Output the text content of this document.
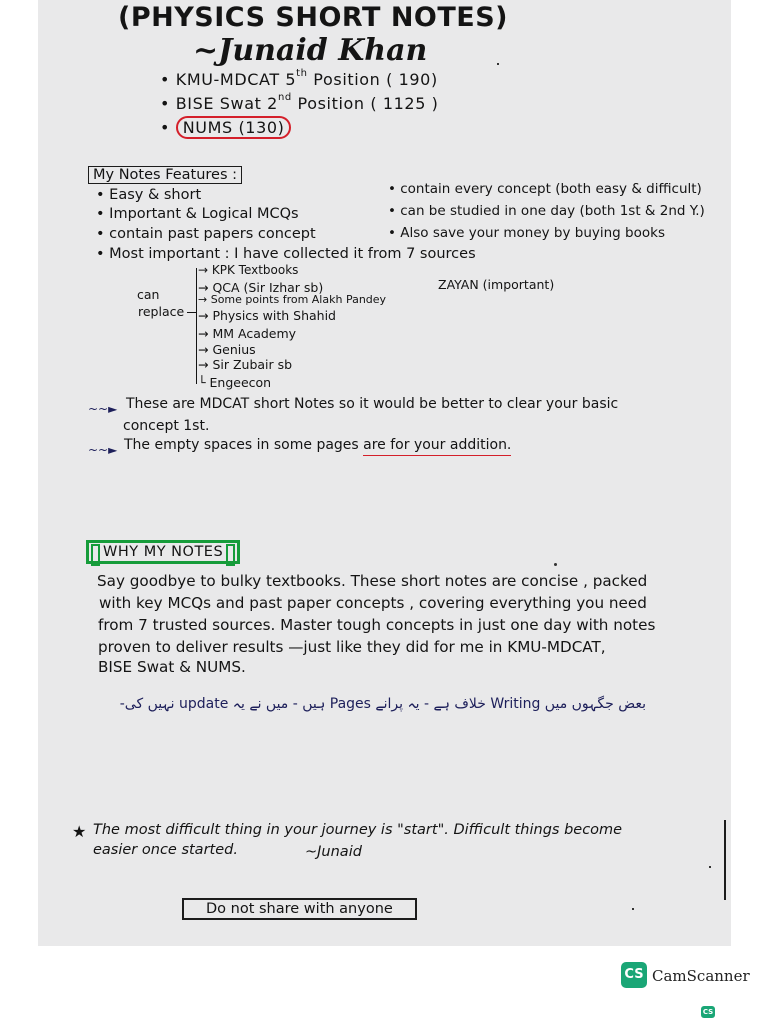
(PHYSICS SHORT NOTES)
~Junaid Khan
• KMU-MDCAT 5th Position ( 190)
• BISE Swat 2nd Position ( 1125 )
• NUMS (130)
My Notes Features :
• Easy & short
• Important & Logical MCQs
• contain past papers concept
• Most important : I have collected it from 7 sources
• contain every concept (both easy & difficult)
• can be studied in one day (both 1st & 2nd Y.)
• Also save your money by buying books
can
replace
→ KPK Textbooks
→ QCA (Sir Izhar sb)
→ Some points from Alakh Pandey
→ Physics with Shahid
→ MM Academy
→ Genius
→ Sir Zubair sb
└ Engeecon
ZAYAN (important)
~~► These are MDCAT short Notes so it would be better to clear your basic
concept 1st.
~~► The empty spaces in some pages are for your addition.
WHY MY NOTES
Say goodbye to bulky textbooks. These short notes are concise , packed
with key MCQs and past paper concepts , covering everything you need
from 7 trusted sources. Master tough concepts in just one day with notes
proven to deliver results —just like they did for me in KMU-MDCAT,
BISE Swat & NUMS.
بعض جگہوں میں Writing خلاف ہے - یہ پرانے Pages ہیں - میں نے یہ update نہیں کی-
★ The most difficult thing in your journey is "start". Difficult things become
easier once started.	~Junaid
Do not share with anyone
CS CamScanner
CS
